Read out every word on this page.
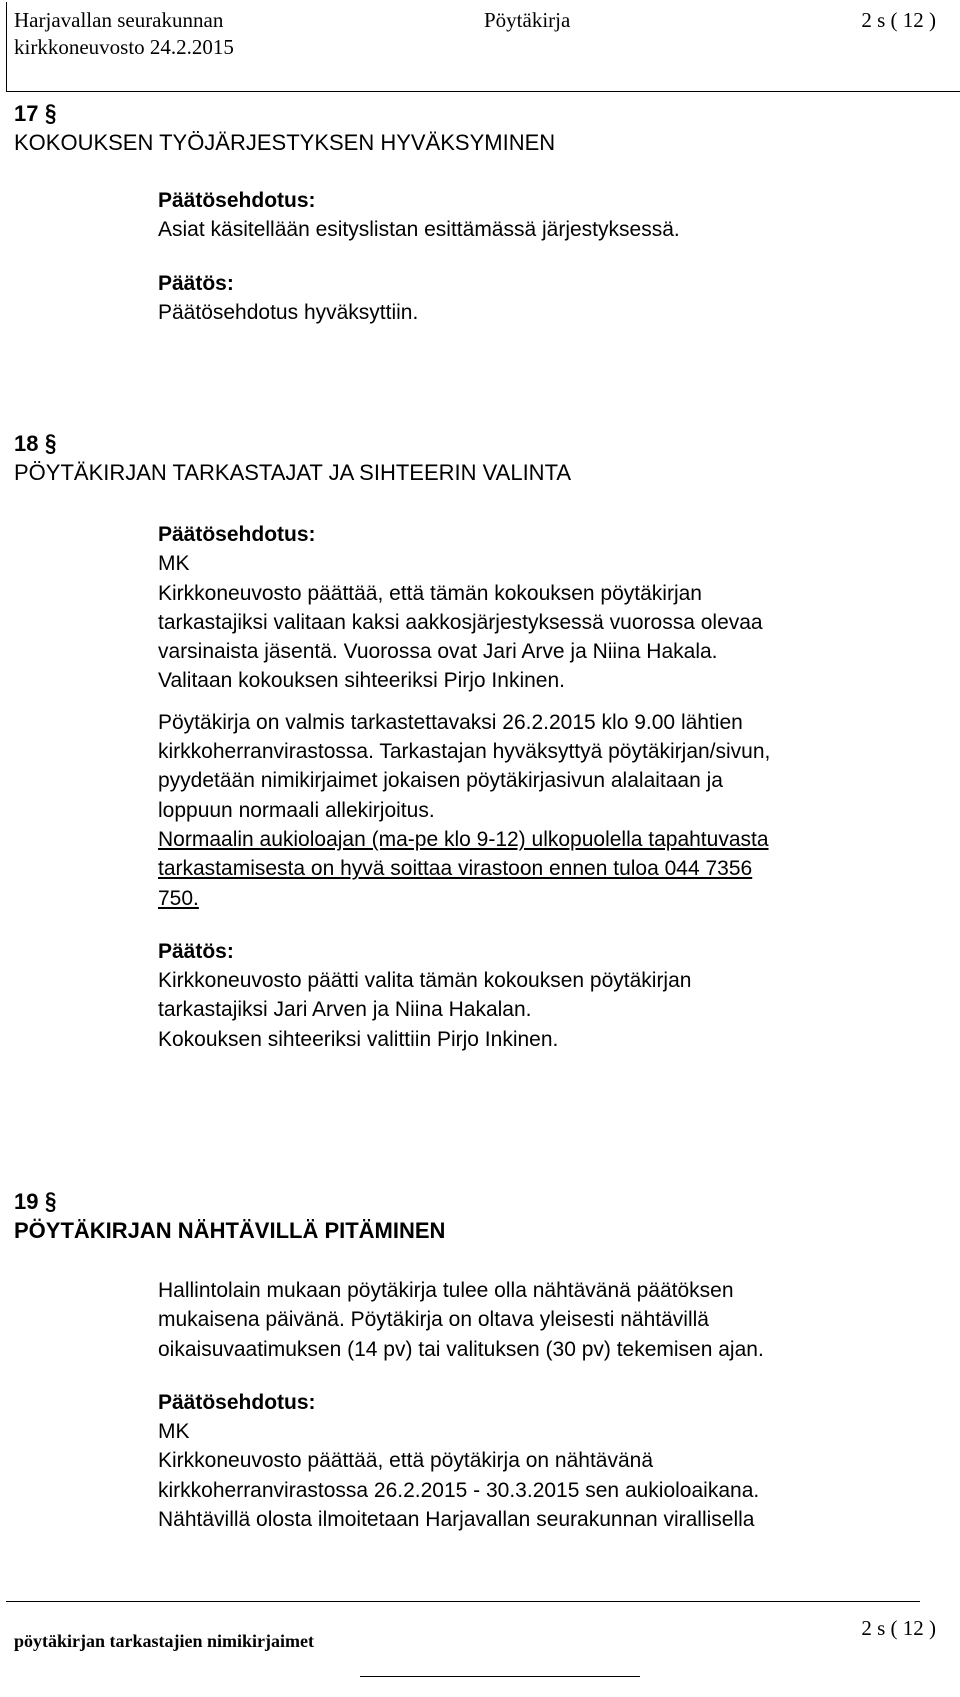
Harjavallan seurakunnan	Pöytäkirja	2 s ( 12 )
kirkkoneuvosto 24.2.2015
17 §
KOKOUKSEN TYÖJÄRJESTYKSEN HYVÄKSYMINEN
Päätösehdotus:
Asiat käsitellään esityslistan esittämässä järjestyksessä.
Päätös:
Päätösehdotus hyväksyttiin.
18 §
PÖYTÄKIRJAN TARKASTAJAT JA SIHTEERIN VALINTA
Päätösehdotus:
MK
Kirkkoneuvosto päättää, että tämän kokouksen pöytäkirjan
tarkastajiksi valitaan kaksi aakkosjärjestyksessä vuorossa olevaa
varsinaista jäsentä. Vuorossa ovat Jari Arve ja Niina Hakala.
Valitaan kokouksen sihteeriksi Pirjo Inkinen.
Pöytäkirja on valmis tarkastettavaksi 26.2.2015 klo 9.00 lähtien
kirkkoherranvirastossa. Tarkastajan hyväksyttyä pöytäkirjan/sivun,
pyydetään nimikirjaimet jokaisen pöytäkirjasivun alalaitaan ja
loppuun normaali allekirjoitus.
Normaalin aukioloajan (ma-pe klo 9-12) ulkopuolella tapahtuvasta
tarkastamisesta on hyvä soittaa virastoon ennen tuloa 044 7356
750.
Päätös:
Kirkkoneuvosto päätti valita tämän kokouksen pöytäkirjan
tarkastajiksi Jari Arven ja Niina Hakalan.
Kokouksen sihteeriksi valittiin Pirjo Inkinen.
19 §
PÖYTÄKIRJAN NÄHTÄVILLÄ PITÄMINEN
Hallintolain mukaan pöytäkirja tulee olla nähtävänä päätöksen
mukaisena päivänä. Pöytäkirja on oltava yleisesti nähtävillä
oikaisuvaatimuksen (14 pv) tai valituksen (30 pv) tekemisen ajan.
Päätösehdotus:
MK
Kirkkoneuvosto päättää, että pöytäkirja on nähtävänä
kirkkoherranvirastossa 26.2.2015 - 30.3.2015 sen aukioloaikana.
Nähtävillä olosta ilmoitetaan Harjavallan seurakunnan virallisella
pöytäkirjan tarkastajien nimikirjaimet
2 s ( 12 )
